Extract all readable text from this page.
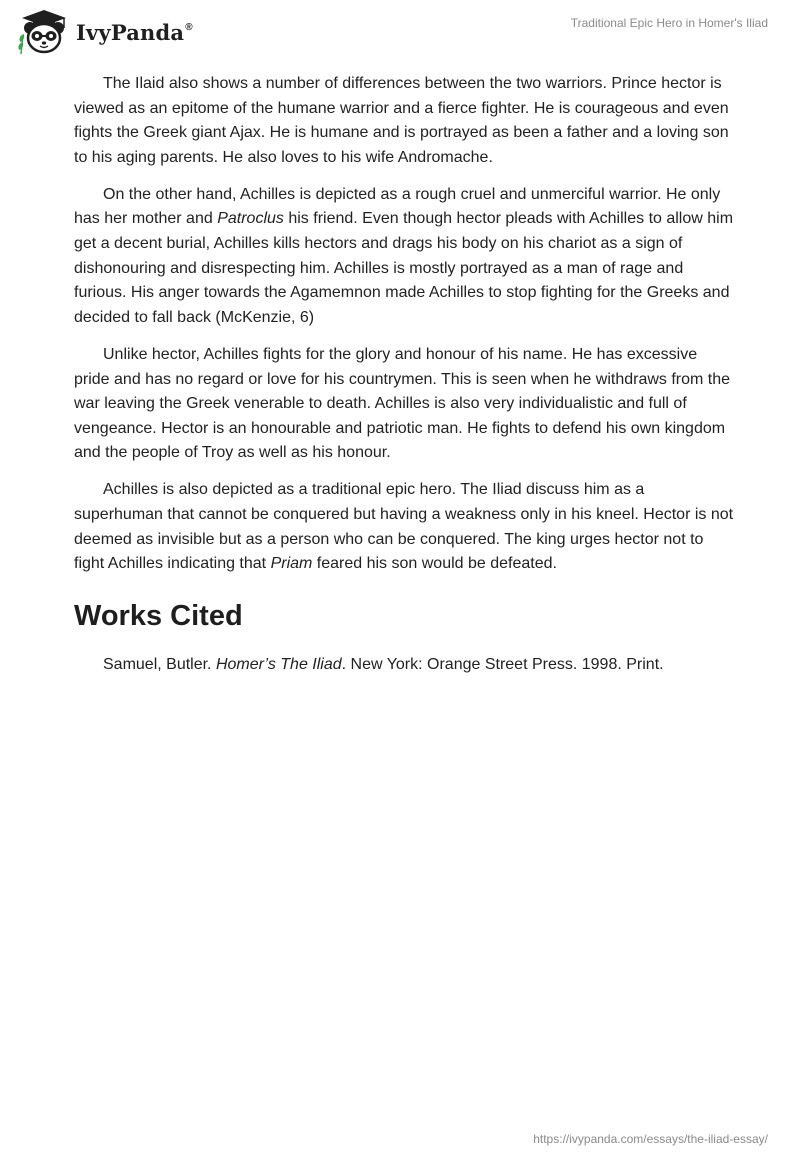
IvyPanda®	Traditional Epic Hero in Homer's Iliad

The Ilaid also shows a number of differences between the two warriors. Prince hector is viewed as an epitome of the humane warrior and a fierce fighter. He is courageous and even fights the Greek giant Ajax. He is humane and is portrayed as been a father and a loving son to his aging parents. He also loves to his wife Andromache.

On the other hand, Achilles is depicted as a rough cruel and unmerciful warrior. He only has her mother and Patroclus his friend. Even though hector pleads with Achilles to allow him get a decent burial, Achilles kills hectors and drags his body on his chariot as a sign of dishonouring and disrespecting him. Achilles is mostly portrayed as a man of rage and furious. His anger towards the Agamemnon made Achilles to stop fighting for the Greeks and decided to fall back (McKenzie, 6)

Unlike hector, Achilles fights for the glory and honour of his name. He has excessive pride and has no regard or love for his countrymen. This is seen when he withdraws from the war leaving the Greek venerable to death. Achilles is also very individualistic and full of vengeance. Hector is an honourable and patriotic man. He fights to defend his own kingdom and the people of Troy as well as his honour.

Achilles is also depicted as a traditional epic hero. The Iliad discuss him as a superhuman that cannot be conquered but having a weakness only in his kneel. Hector is not deemed as invisible but as a person who can be conquered. The king urges hector not to fight Achilles indicating that Priam feared his son would be defeated.

Works Cited

Samuel, Butler. Homer’s The Iliad. New York: Orange Street Press. 1998. Print.

https://ivypanda.com/essays/the-iliad-essay/
